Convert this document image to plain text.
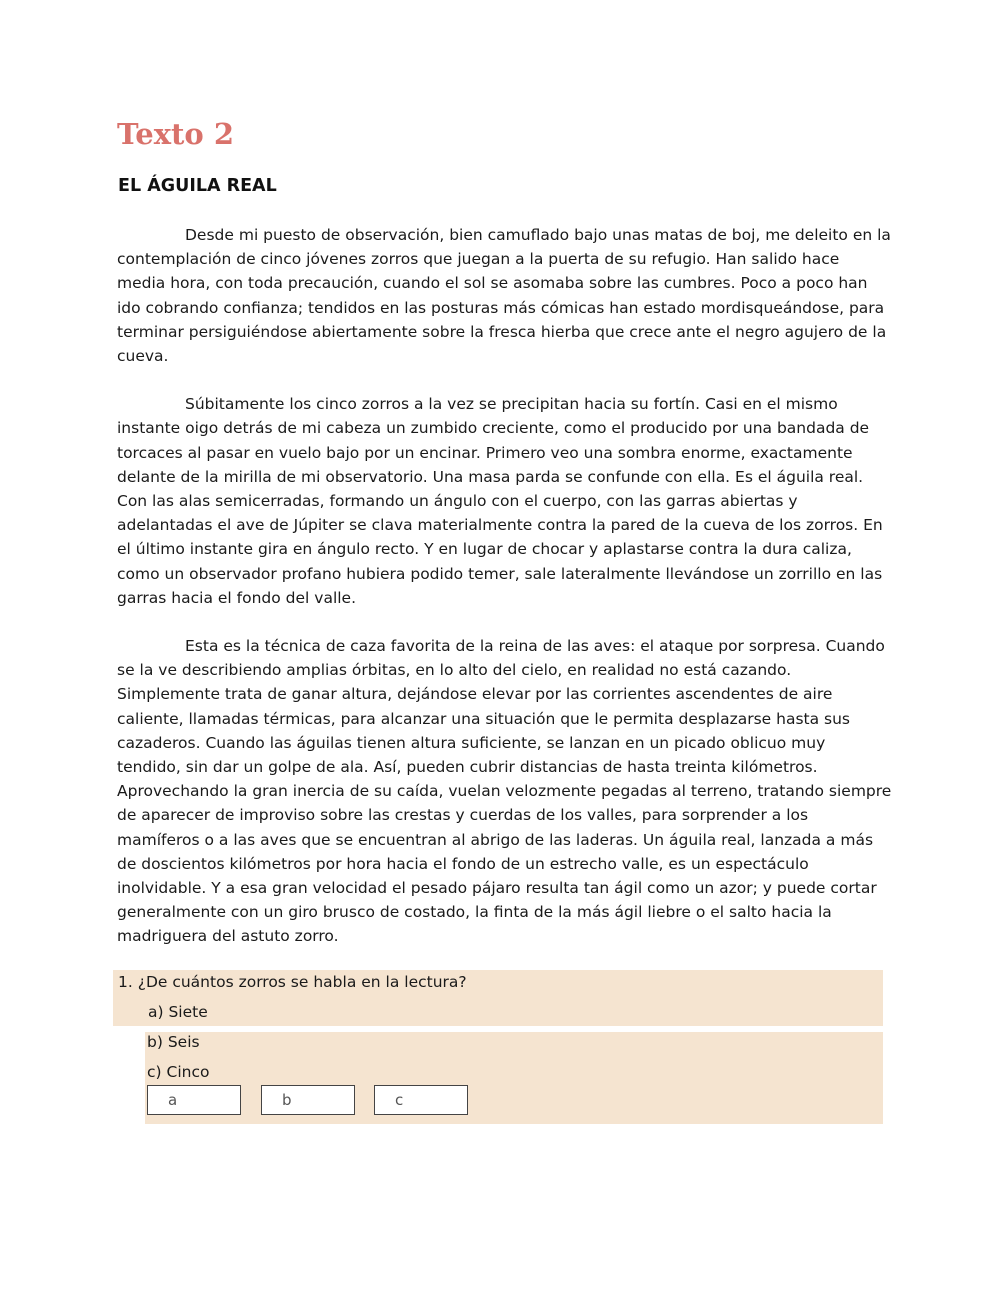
Texto 2
EL ÁGUILA REAL

Desde mi puesto de observación, bien camuflado bajo unas matas de boj, me deleito en la contemplación de cinco jóvenes zorros que juegan a la puerta de su refugio. Han salido hace media hora, con toda precaución, cuando el sol se asomaba sobre las cumbres. Poco a poco han ido cobrando confianza; tendidos en las posturas más cómicas han estado mordisqueándose, para terminar persiguiéndose abiertamente sobre la fresca hierba que crece ante el negro agujero de la cueva.

Súbitamente los cinco zorros a la vez se precipitan hacia su fortín. Casi en el mismo instante oigo detrás de mi cabeza un zumbido creciente, como el producido por una bandada de torcaces al pasar en vuelo bajo por un encinar. Primero veo una sombra enorme, exactamente delante de la mirilla de mi observatorio. Una masa parda se confunde con ella. Es el águila real. Con las alas semicerradas, formando un ángulo con el cuerpo, con las garras abiertas y adelantadas el ave de Júpiter se clava materialmente contra la pared de la cueva de los zorros. En el último instante gira en ángulo recto. Y en lugar de chocar y aplastarse contra la dura caliza, como un observador profano hubiera podido temer, sale lateralmente llevándose un zorrillo en las garras hacia el fondo del valle.

Esta es la técnica de caza favorita de la reina de las aves: el ataque por sorpresa. Cuando se la ve describiendo amplias órbitas, en lo alto del cielo, en realidad no está cazando. Simplemente trata de ganar altura, dejándose elevar por las corrientes ascendentes de aire caliente, llamadas térmicas, para alcanzar una situación que le permita desplazarse hasta sus cazaderos. Cuando las águilas tienen altura suficiente, se lanzan en un picado oblicuo muy tendido, sin dar un golpe de ala. Así, pueden cubrir distancias de hasta treinta kilómetros. Aprovechando la gran inercia de su caída, vuelan velozmente pegadas al terreno, tratando siempre de aparecer de improviso sobre las crestas y cuerdas de los valles, para sorprender a los mamíferos o a las aves que se encuentran al abrigo de las laderas. Un águila real, lanzada a más de doscientos kilómetros por hora hacia el fondo de un estrecho valle, es un espectáculo inolvidable. Y a esa gran velocidad el pesado pájaro resulta tan ágil como un azor; y puede cortar generalmente con un giro brusco de costado, la finta de la más ágil liebre o el salto hacia la madriguera del astuto zorro.

1. ¿De cuántos zorros se habla en la lectura?
a) Siete
b) Seis
c) Cinco
a	b	c
